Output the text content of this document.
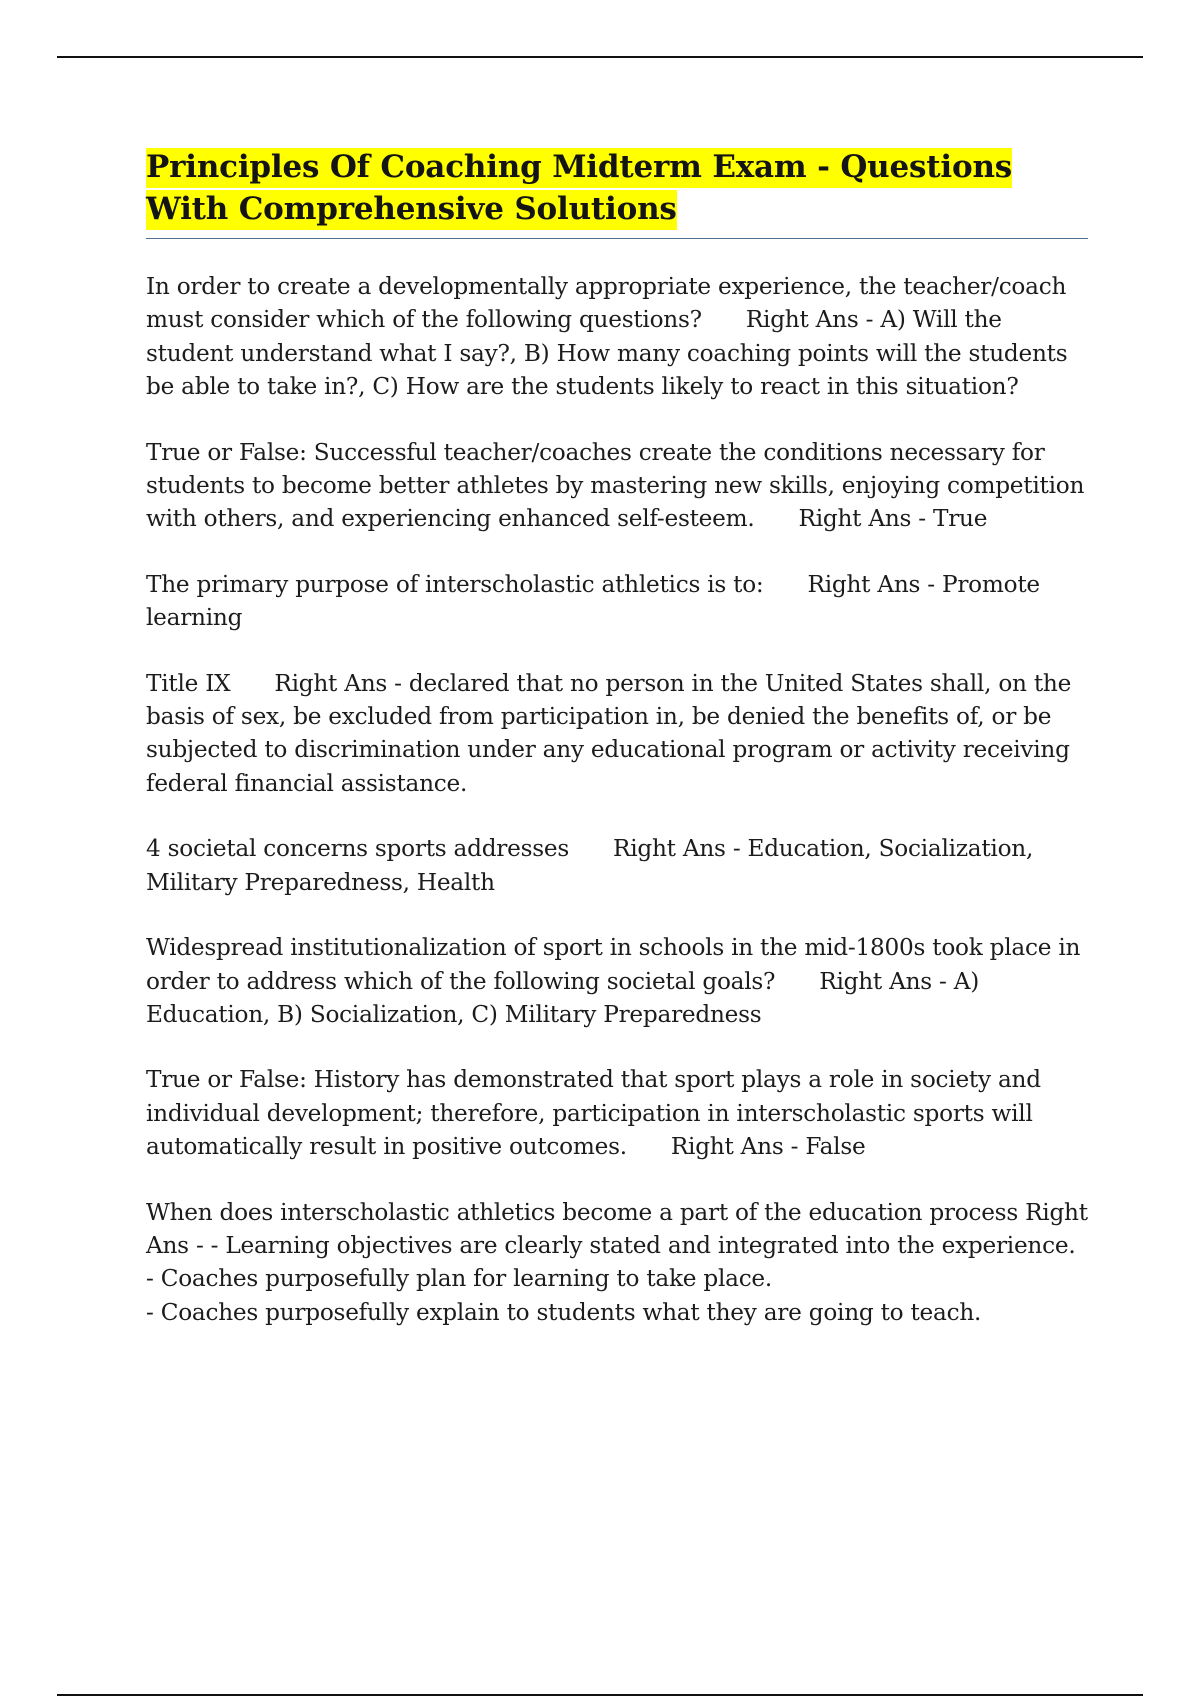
Principles Of Coaching Midterm Exam - Questions With Comprehensive Solutions

In order to create a developmentally appropriate experience, the teacher/coach must consider which of the following questions? Right Ans - A) Will the student understand what I say?, B) How many coaching points will the students be able to take in?, C) How are the students likely to react in this situation?

True or False: Successful teacher/coaches create the conditions necessary for students to become better athletes by mastering new skills, enjoying competition with others, and experiencing enhanced self-esteem. Right Ans - True

The primary purpose of interscholastic athletics is to: Right Ans - Promote learning

Title IX Right Ans - declared that no person in the United States shall, on the basis of sex, be excluded from participation in, be denied the benefits of, or be subjected to discrimination under any educational program or activity receiving federal financial assistance.

4 societal concerns sports addresses Right Ans - Education, Socialization, Military Preparedness, Health

Widespread institutionalization of sport in schools in the mid-1800s took place in order to address which of the following societal goals? Right Ans - A) Education, B) Socialization, C) Military Preparedness

True or False: History has demonstrated that sport plays a role in society and individual development; therefore, participation in interscholastic sports will automatically result in positive outcomes. Right Ans - False

When does interscholastic athletics become a part of the education process Right Ans - - Learning objectives are clearly stated and integrated into the experience.
- Coaches purposefully plan for learning to take place.
- Coaches purposefully explain to students what they are going to teach.
